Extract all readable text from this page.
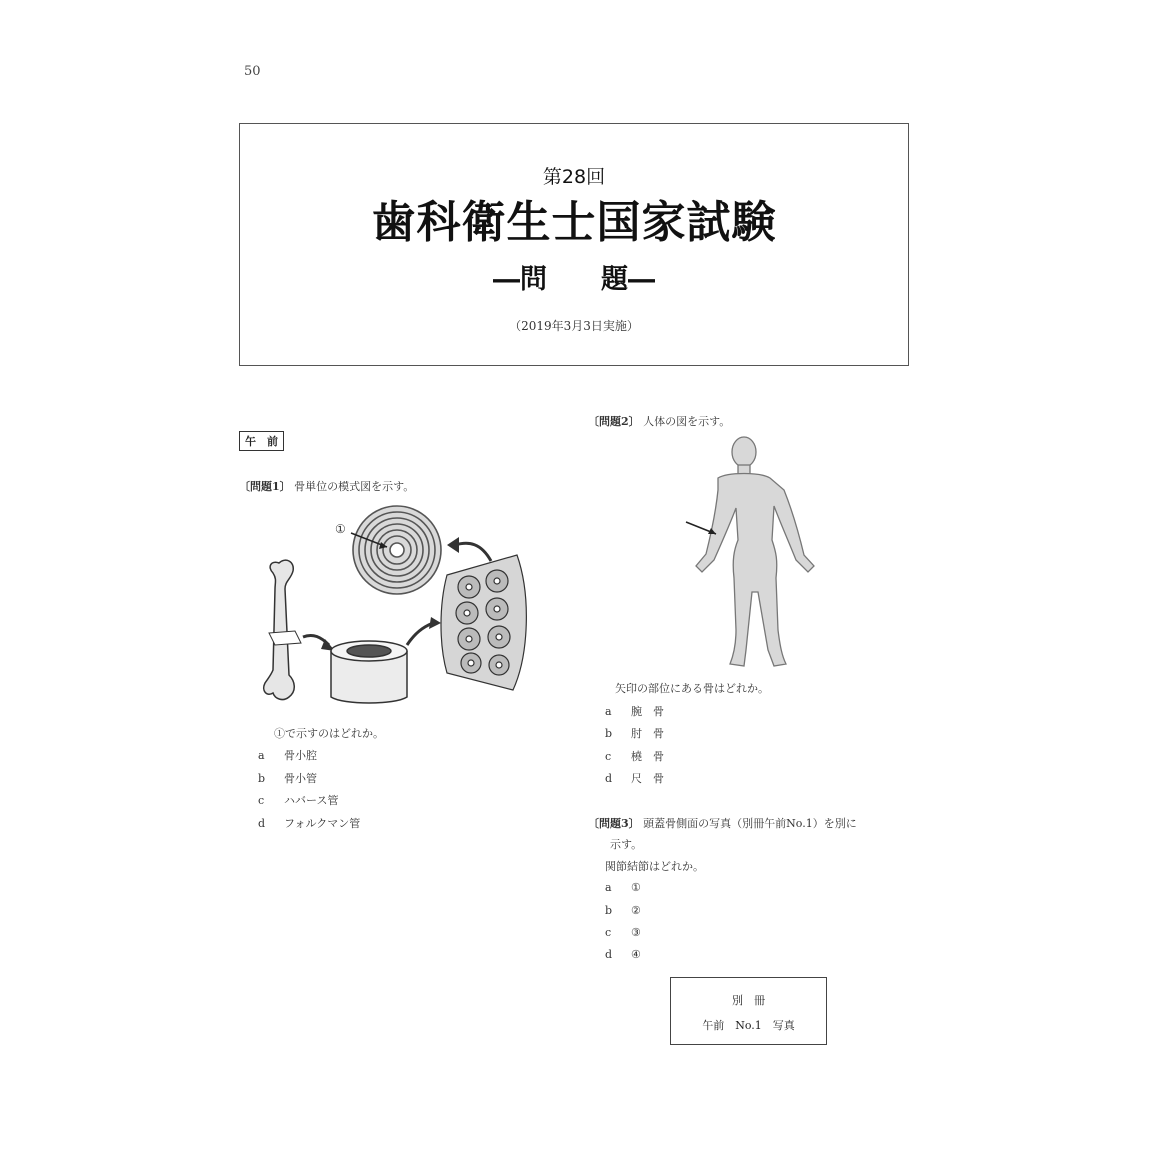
50
第28回
歯科衛生士国家試験
―問　　題―
（2019年3月3日実施）
午　前
〔問題1〕 骨単位の模式図を示す。
①
①で示すのはどれか。
a 骨小腔
b 骨小管
c ハバース管
d フォルクマン管
〔問題2〕 人体の図を示す。
矢印の部位にある骨はどれか。
a 腕　骨
b 肘　骨
c 橈　骨
d 尺　骨
〔問題3〕 頭蓋骨側面の写真（別冊午前No.1）を別に
示す。
関節結節はどれか。
a ①
b ②
c ③
d ④
別　冊
午前　No.1　写真
